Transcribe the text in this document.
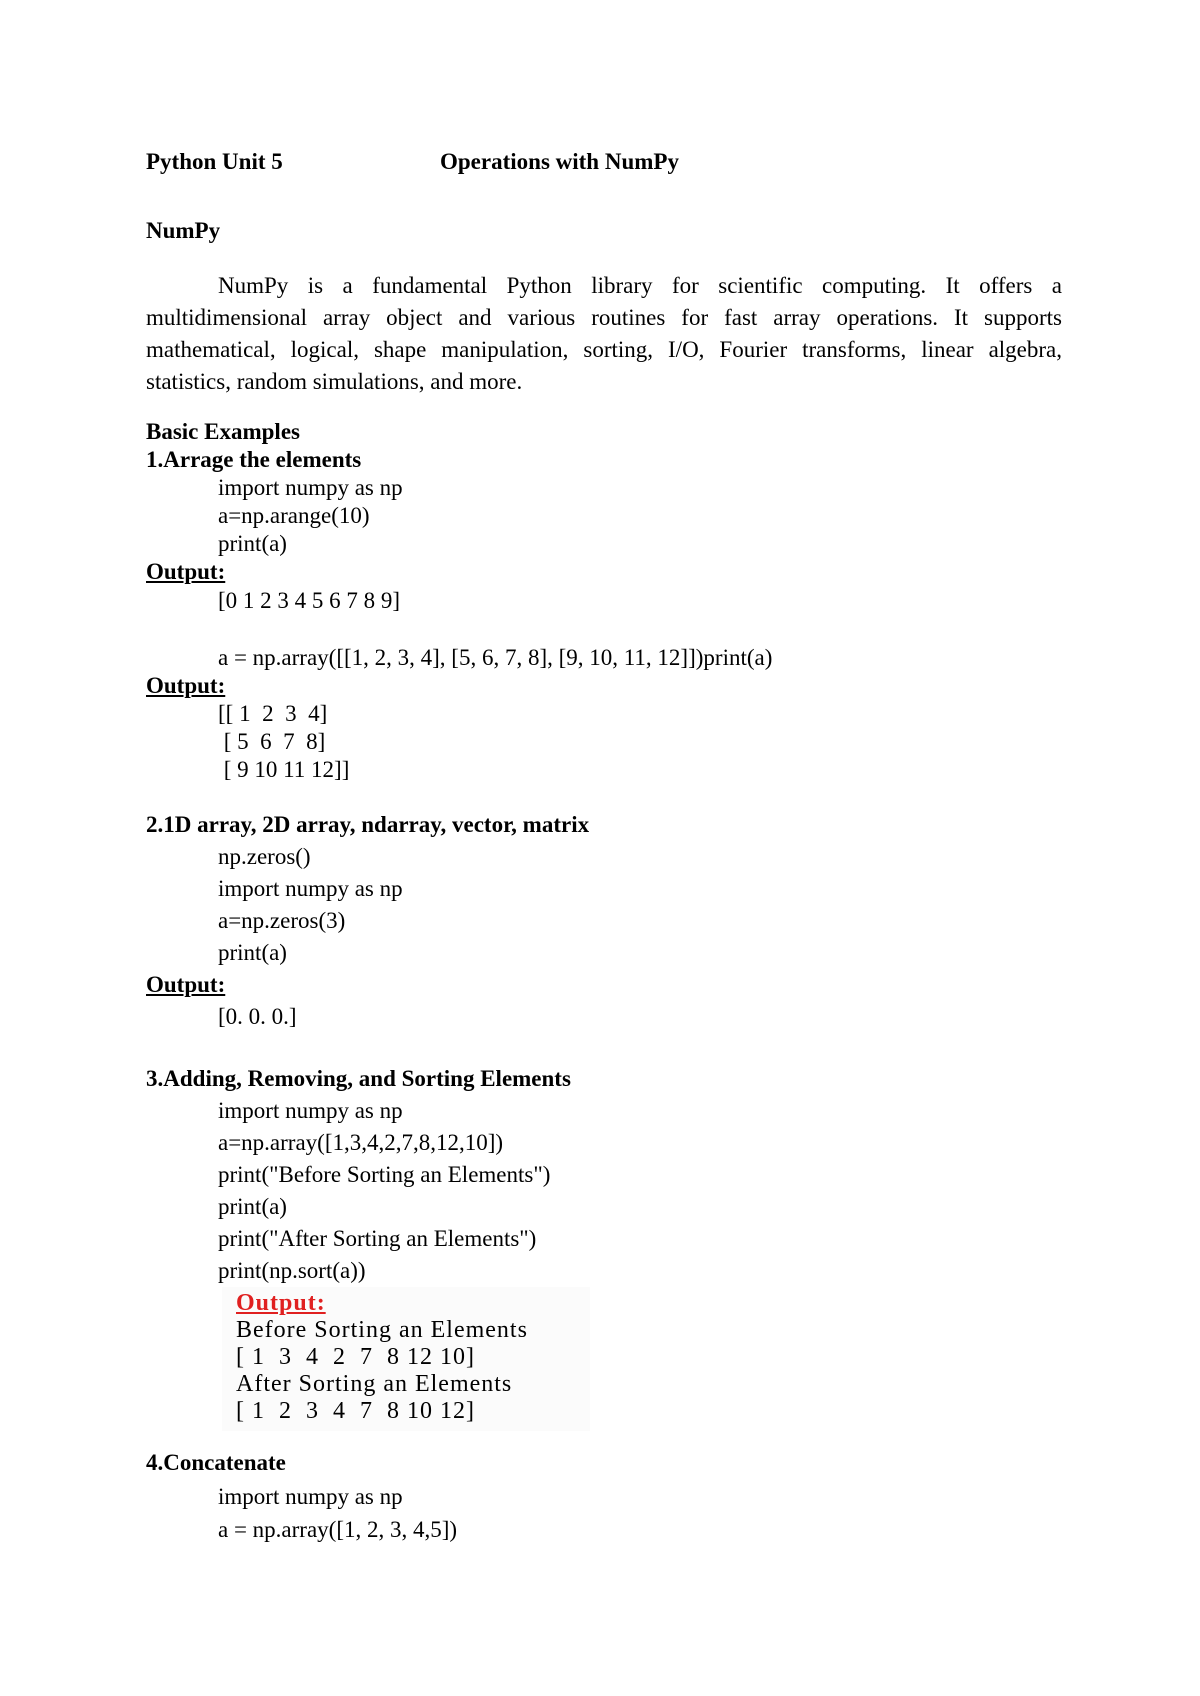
Python Unit 5	Operations with NumPy
NumPy
NumPy is a fundamental Python library for scientific computing. It offers a multidimensional array object and various routines for fast array operations. It supports mathematical, logical, shape manipulation, sorting, I/O, Fourier transforms, linear algebra, statistics, random simulations, and more.
Basic Examples
1.Arrage the elements
import numpy as np
a=np.arange(10)
print(a)
Output:
[0 1 2 3 4 5 6 7 8 9]
a = np.array([[1, 2, 3, 4], [5, 6, 7, 8], [9, 10, 11, 12]])print(a)
Output:
[[ 1  2  3  4]
[ 5  6  7  8]
[ 9 10 11 12]]
2.1D array, 2D array, ndarray, vector, matrix
np.zeros()
import numpy as np
a=np.zeros(3)
print(a)
Output:
[0. 0. 0.]
3.Adding, Removing, and Sorting Elements
import numpy as np
a=np.array([1,3,4,2,7,8,12,10])
print("Before Sorting an Elements")
print(a)
print("After Sorting an Elements")
print(np.sort(a))
Output:
Before Sorting an Elements
[ 1  3  4  2  7  8 12 10]
After Sorting an Elements
[ 1  2  3  4  7  8 10 12]
4.Concatenate
import numpy as np
a = np.array([1, 2, 3, 4,5])
